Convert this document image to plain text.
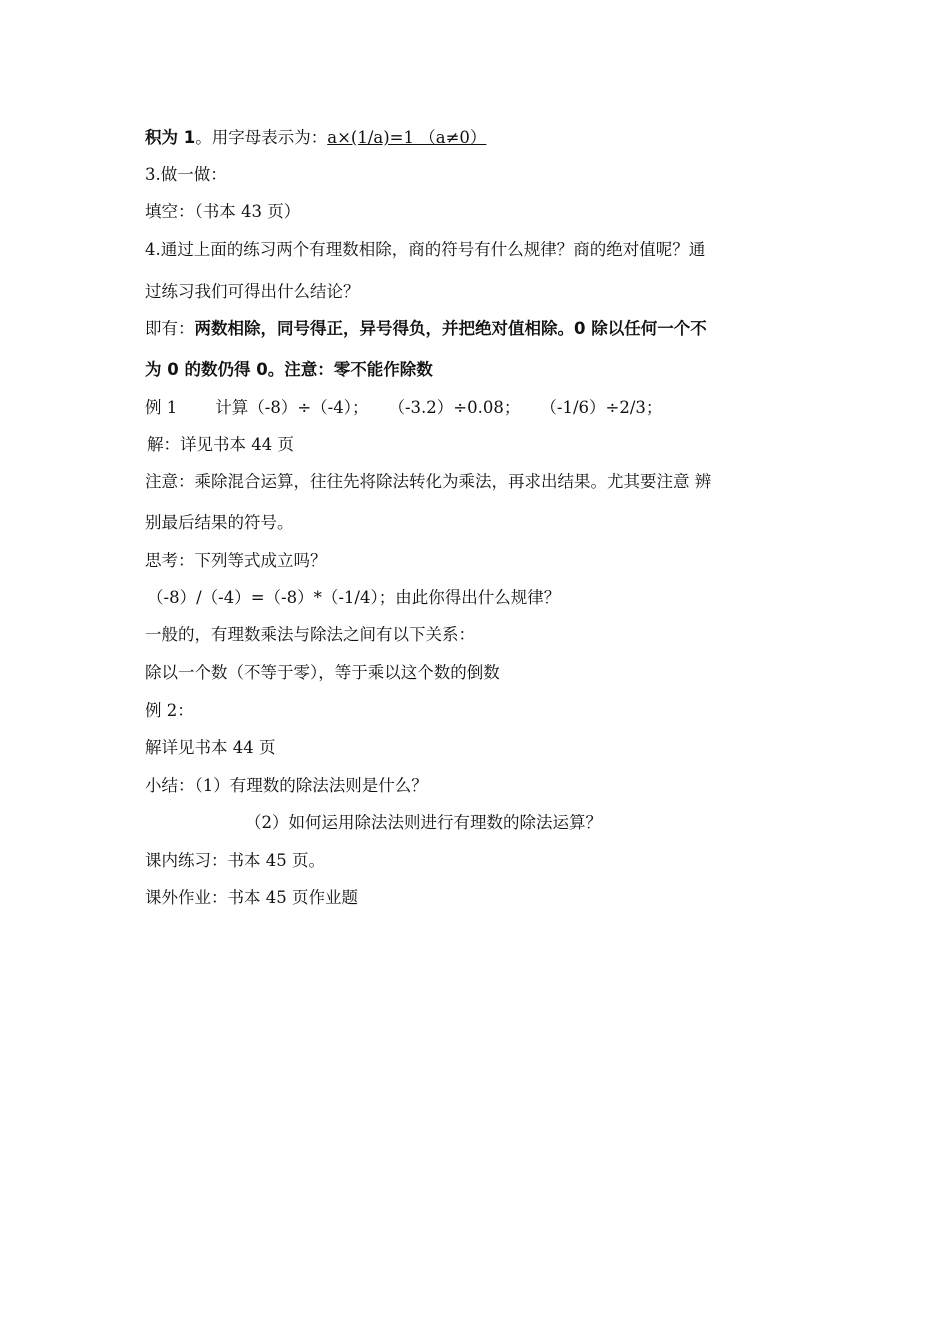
积为 1。用字母表示为：a×(1/a)=1 （a≠0）
3.做一做：
填空：（书本 43 页）
4.通过上面的练习两个有理数相除，商的符号有什么规律？商的绝对值呢？通
过练习我们可得出什么结论？
即有：两数相除，同号得正，异号得负，并把绝对值相除。0 除以任何一个不
为 0 的数仍得 0。注意：零不能作除数
例 1 计算（-8）÷（-4）； （-3.2）÷0.08； （-1/6）÷2/3；
解：详见书本 44 页
注意：乘除混合运算，往往先将除法转化为乘法，再求出结果。尤其要注意 辨
别最后结果的符号。
思考：下列等式成立吗？
（-8）/（-4）=（-8）*（-1/4）；由此你得出什么规律？
一般的，有理数乘法与除法之间有以下关系：
除以一个数（不等于零），等于乘以这个数的倒数
例 2：
解详见书本 44 页
小结：（1）有理数的除法法则是什么？
（2）如何运用除法法则进行有理数的除法运算？
课内练习：书本 45 页。
课外作业：书本 45 页作业题
